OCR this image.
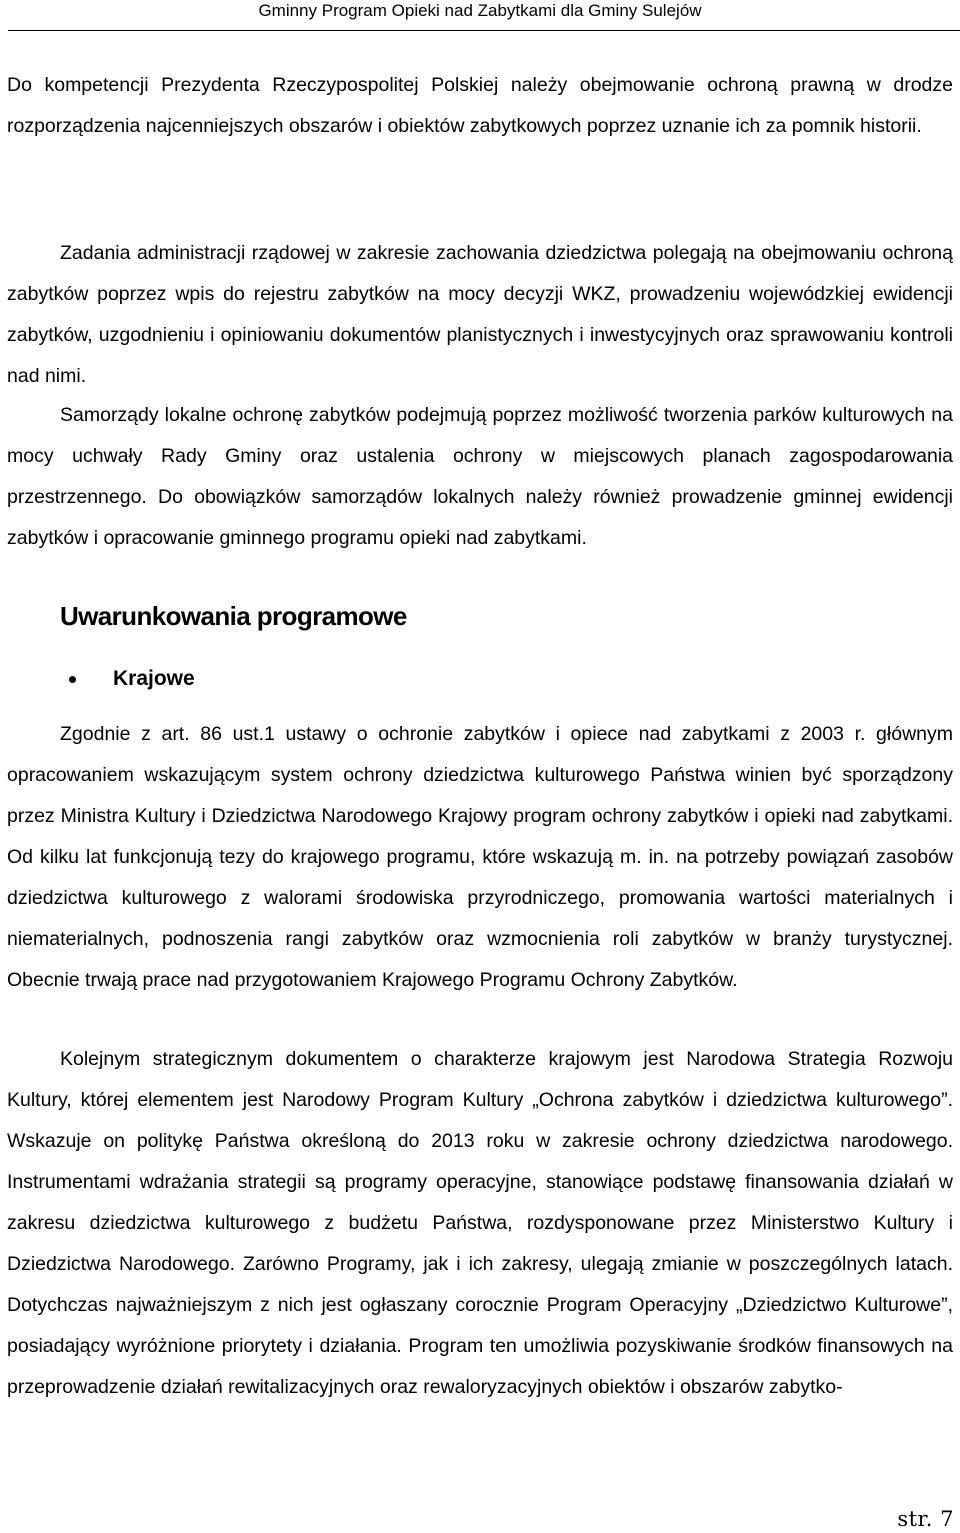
Gminny Program Opieki nad Zabytkami dla Gminy Sulejów

Do kompetencji Prezydenta Rzeczypospolitej Polskiej należy obejmowanie ochroną prawną w drodze rozporządzenia najcenniejszych obszarów i obiektów zabytkowych poprzez uznanie ich za pomnik historii.

Zadania administracji rządowej w zakresie zachowania dziedzictwa polegają na obejmowaniu ochroną zabytków poprzez wpis do rejestru zabytków na mocy decyzji WKZ, prowadzeniu wojewódzkiej ewidencji zabytków, uzgodnieniu i opiniowaniu dokumentów planistycznych i inwestycyjnych oraz sprawowaniu kontroli nad nimi.

Samorządy lokalne ochronę zabytków podejmują poprzez możliwość tworzenia parków kulturowych na mocy uchwały Rady Gminy oraz ustalenia ochrony w miejscowych planach zagospodarowania przestrzennego. Do obowiązków samorządów lokalnych należy również prowadzenie gminnej ewidencji zabytków i opracowanie gminnego programu opieki nad zabytkami.

Uwarunkowania programowe
Krajowe

Zgodnie z art. 86 ust.1 ustawy o ochronie zabytków i opiece nad zabytkami z 2003 r. głównym opracowaniem wskazującym system ochrony dziedzictwa kulturowego Państwa winien być sporządzony przez Ministra Kultury i Dziedzictwa Narodowego Krajowy program ochrony zabytków i opieki nad zabytkami. Od kilku lat funkcjonują tezy do krajowego programu, które wskazują m. in. na potrzeby powiązań zasobów dziedzictwa kulturowego z walorami środowiska przyrodniczego, promowania wartości materialnych i niematerialnych, podnoszenia rangi zabytków oraz wzmocnienia roli zabytków w branży turystycznej. Obecnie trwają prace nad przygotowaniem Krajowego Programu Ochrony Zabytków.

Kolejnym strategicznym dokumentem o charakterze krajowym jest Narodowa Strategia Rozwoju Kultury, której elementem jest Narodowy Program Kultury „Ochrona zabytków i dziedzictwa kulturowego”. Wskazuje on politykę Państwa określoną do 2013 roku w zakresie ochrony dziedzictwa narodowego. Instrumentami wdrażania strategii są programy operacyjne, stanowiące podstawę finansowania działań w zakresu dziedzictwa kulturowego z budżetu Państwa, rozdysponowane przez Ministerstwo Kultury i Dziedzictwa Narodowego. Zarówno Programy, jak i ich zakresy, ulegają zmianie w poszczególnych latach. Dotychczas najważniejszym z nich jest ogłaszany corocznie Program Operacyjny „Dziedzictwo Kulturowe”, posiadający wyróżnione priorytety i działania. Program ten umożliwia pozyskiwanie środków finansowych na przeprowadzenie działań rewitalizacyjnych oraz rewaloryzacyjnych obiektów i obszarów zabytko-

str. 7
